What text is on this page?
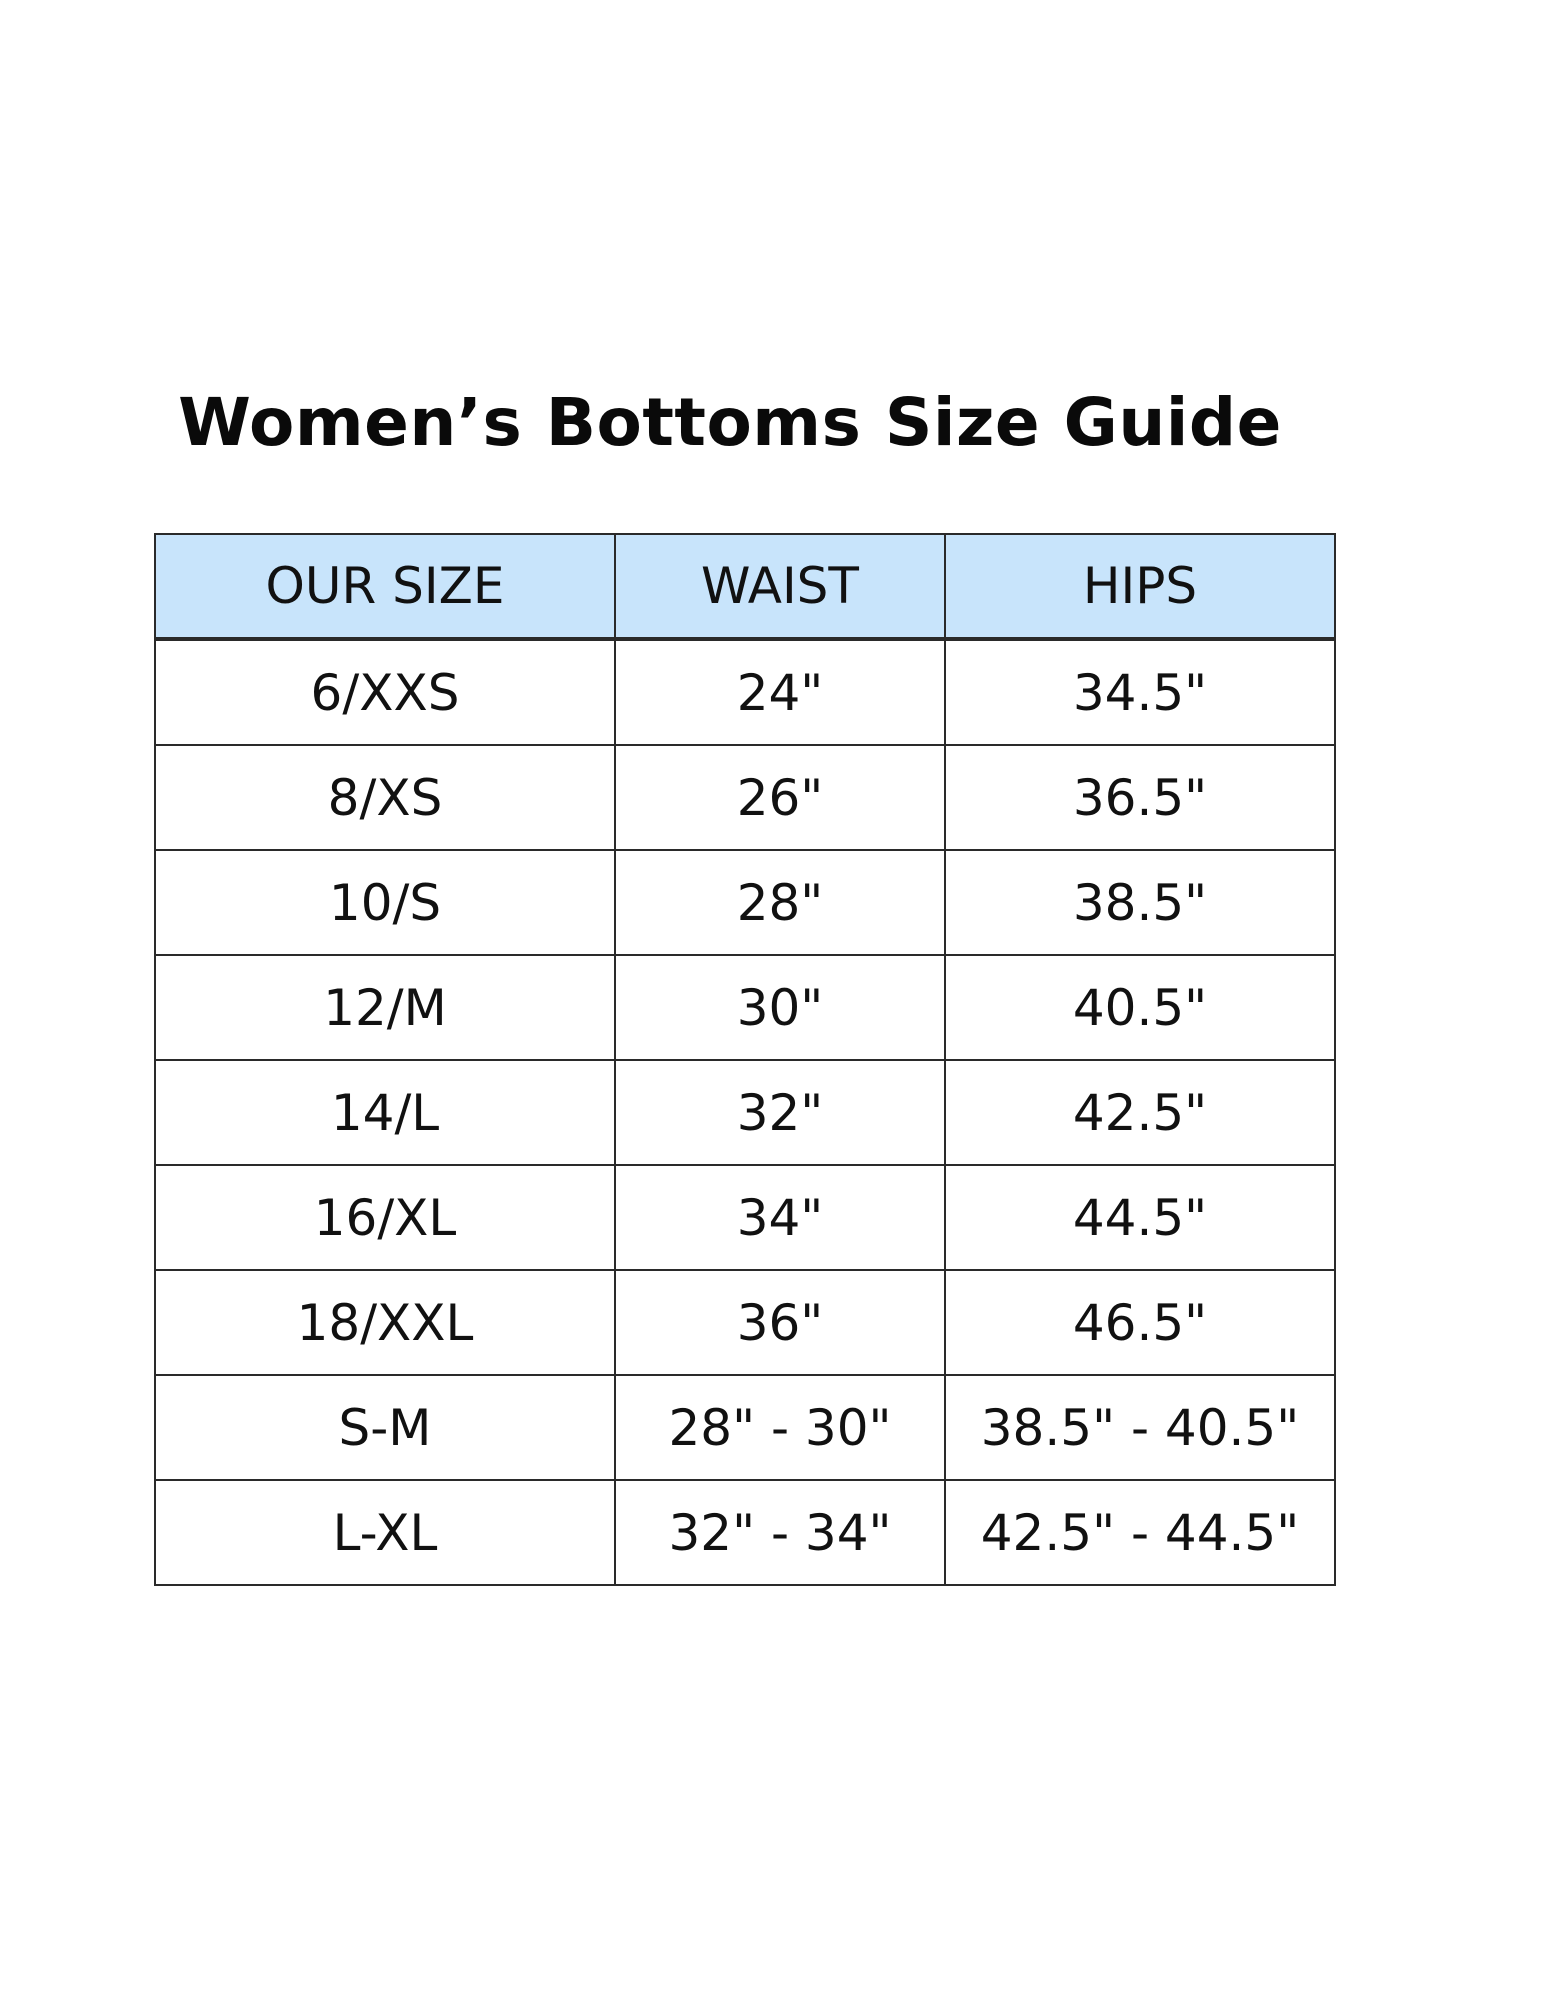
Women’s Bottoms Size Guide
OUR SIZE	WAIST	HIPS
6/XXS	24"	34.5"
8/XS	26"	36.5"
10/S	28"	38.5"
12/M	30"	40.5"
14/L	32"	42.5"
16/XL	34"	44.5"
18/XXL	36"	46.5"
S-M	28" - 30"	38.5" - 40.5"
L-XL	32" - 34"	42.5" - 44.5"
